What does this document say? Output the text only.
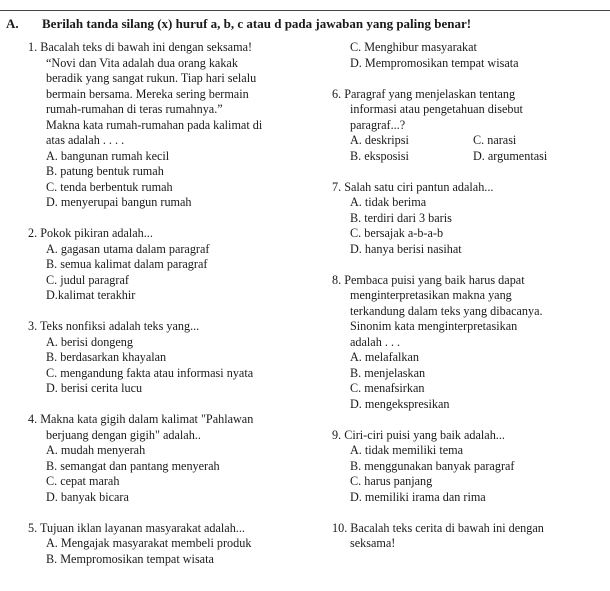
A. Berilah tanda silang (x) huruf a, b, c atau d pada jawaban yang paling benar!
1. Bacalah teks di bawah ini dengan seksama!
“Novi dan Vita adalah dua orang kakak
beradik yang sangat rukun. Tiap hari selalu
bermain bersama. Mereka sering bermain
rumah-rumahan di teras rumahnya.”
Makna kata rumah-rumahan pada kalimat di
atas adalah . . . .
A. bangunan rumah kecil
B. patung bentuk rumah
C. tenda berbentuk rumah
D. menyerupai bangun rumah
2. Pokok pikiran adalah...
A. gagasan utama dalam paragraf
B. semua kalimat dalam paragraf
C. judul paragraf
D.kalimat terakhir
3. Teks nonfiksi adalah teks yang...
A. berisi dongeng
B. berdasarkan khayalan
C. mengandung fakta atau informasi nyata
D. berisi cerita lucu
4. Makna kata gigih dalam kalimat "Pahlawan
berjuang dengan gigih" adalah..
A. mudah menyerah
B. semangat dan pantang menyerah
C. cepat marah
D. banyak bicara
5. Tujuan iklan layanan masyarakat adalah...
A. Mengajak masyarakat membeli produk
B. Mempromosikan tempat wisata
C. Menghibur masyarakat
D. Mempromosikan tempat wisata
6. Paragraf yang menjelaskan tentang
informasi atau pengetahuan disebut
paragraf...?
A. deskripsi	C. narasi
B. eksposisi	D. argumentasi
7. Salah satu ciri pantun adalah...
A. tidak berima
B. terdiri dari 3 baris
C. bersajak a-b-a-b
D. hanya berisi nasihat
8. Pembaca puisi yang baik harus dapat
menginterpretasikan makna yang
terkandung dalam teks yang dibacanya.
Sinonim kata menginterpretasikan
adalah . . .
A. melafalkan
B. menjelaskan
C. menafsirkan
D. mengekspresikan
9. Ciri-ciri puisi yang baik adalah...
A. tidak memiliki tema
B. menggunakan banyak paragraf
C. harus panjang
D. memiliki irama dan rima
10. Bacalah teks cerita di bawah ini dengan
seksama!
